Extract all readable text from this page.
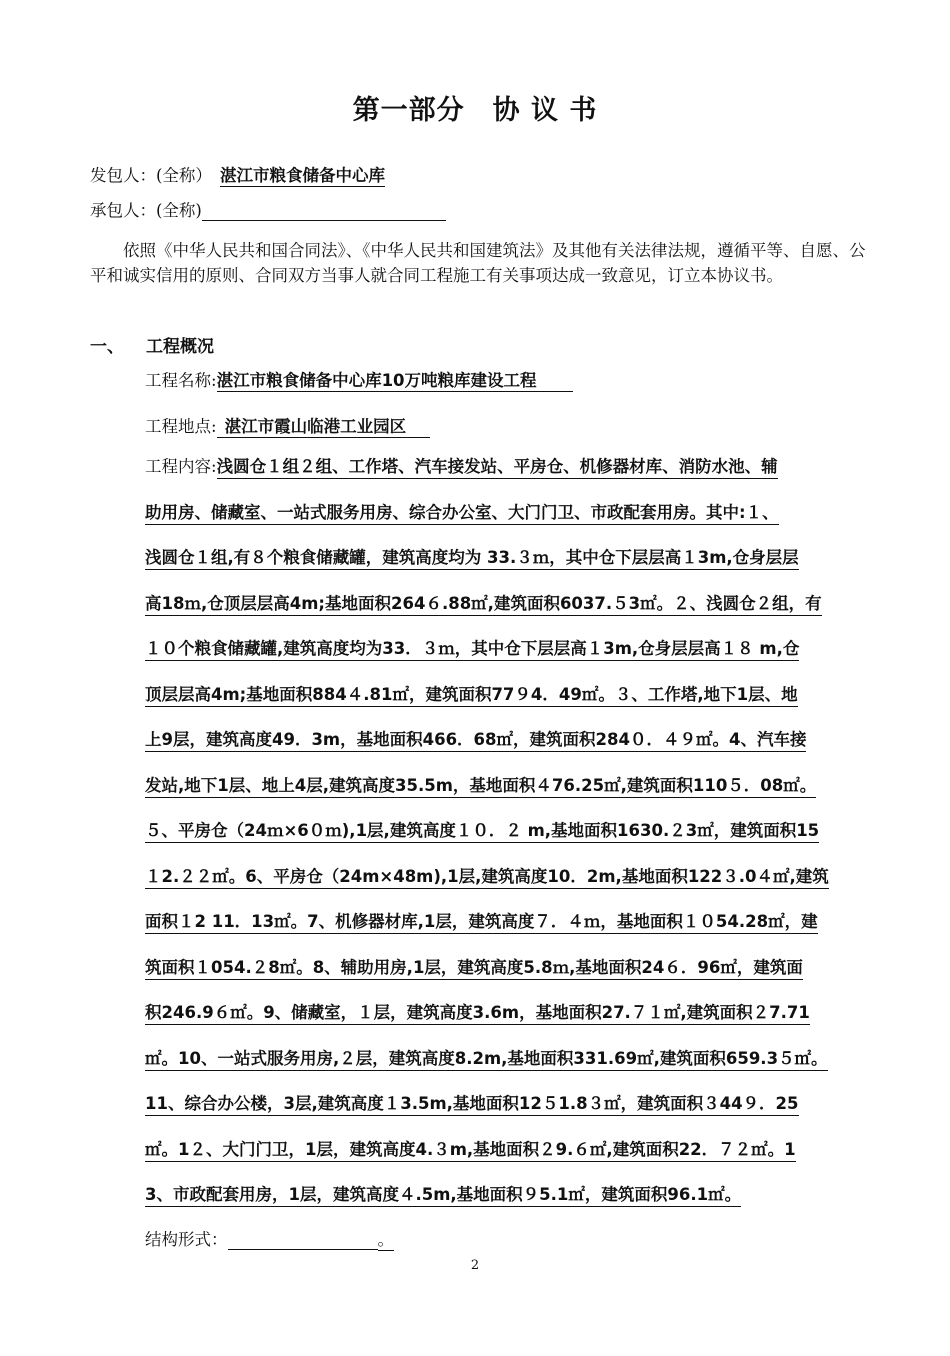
第一部分　协 议 书
发包人：(全称） 湛江市粮食储备中心库
承包人：(全称)

依照《中华人民共和国合同法》、《中华人民共和国建筑法》及其他有关法律法规，遵循平等、自愿、公平和诚实信用的原则、合同双方当事人就合同工程施工有关事项达成一致意见，订立本协议书。

一、 工程概况
工程名称:湛江市粮食储备中心库10万吨粮库建设工程
工程地点: 湛江市霞山临港工业园区
工程内容:浅圆仓１组２组、工作塔、汽车接发站、平房仓、机修器材库、消防水池、辅
助用房、储藏室、一站式服务用房、综合办公室、大门门卫、市政配套用房。其中:１、
浅圆仓１组,有８个粮食储藏罐，建筑高度均为 33.３ｍ，其中仓下层层高１3m,仓身层层
高18ｍ,仓顶层层高4m;基地面积264６.88㎡,建筑面积6037.５3㎡。２、浅圆仓２组，有
１０个粮食储藏罐,建筑高度均为33．３ｍ，其中仓下层层高１3m,仓身层层高１８ m,仓
顶层层高4m;基地面积884４.81㎡，建筑面积77９4．49㎡。３、工作塔,地下1层、地
上9层，建筑高度49．3m，基地面积466．68㎡，建筑面积284０．４９㎡。4、汽车接
发站,地下1层、地上4层,建筑高度35.5m，基地面积４76.25㎡,建筑面积110５．08㎡。
５、平房仓（24ｍ×6０ｍ),1层,建筑高度１０．２ m,基地面积1630.２3㎡，建筑面积15
１2.２２㎡。6、平房仓（24m×48m),1层,建筑高度10．2m,基地面积122３.0４㎡,建筑
面积１2 11．13㎡。7、机修器材库,1层，建筑高度７．４ｍ，基地面积１０54.28㎡，建
筑面积１054.２8㎡。8、辅助用房,1层，建筑高度5.8ｍ,基地面积24６．96㎡，建筑面
积246.9６㎡。9、储藏室，１层，建筑高度3.6m，基地面积27.７１㎡,建筑面积２7.71
㎡。10、一站式服务用房,２层，建筑高度8.2m,基地面积331.69㎡,建筑面积659.3５㎡。
11、综合办公楼，3层,建筑高度１3.5m,基地面积12５1.8３㎡，建筑面积３44９．25
㎡。1２、大门门卫，1层，建筑高度4.３m,基地面积２9.６㎡,建筑面积22．７２㎡。1
3、市政配套用房，1层，建筑高度４.5m,基地面积９5.1㎡，建筑面积96.1㎡。
结构形式：	。
2
